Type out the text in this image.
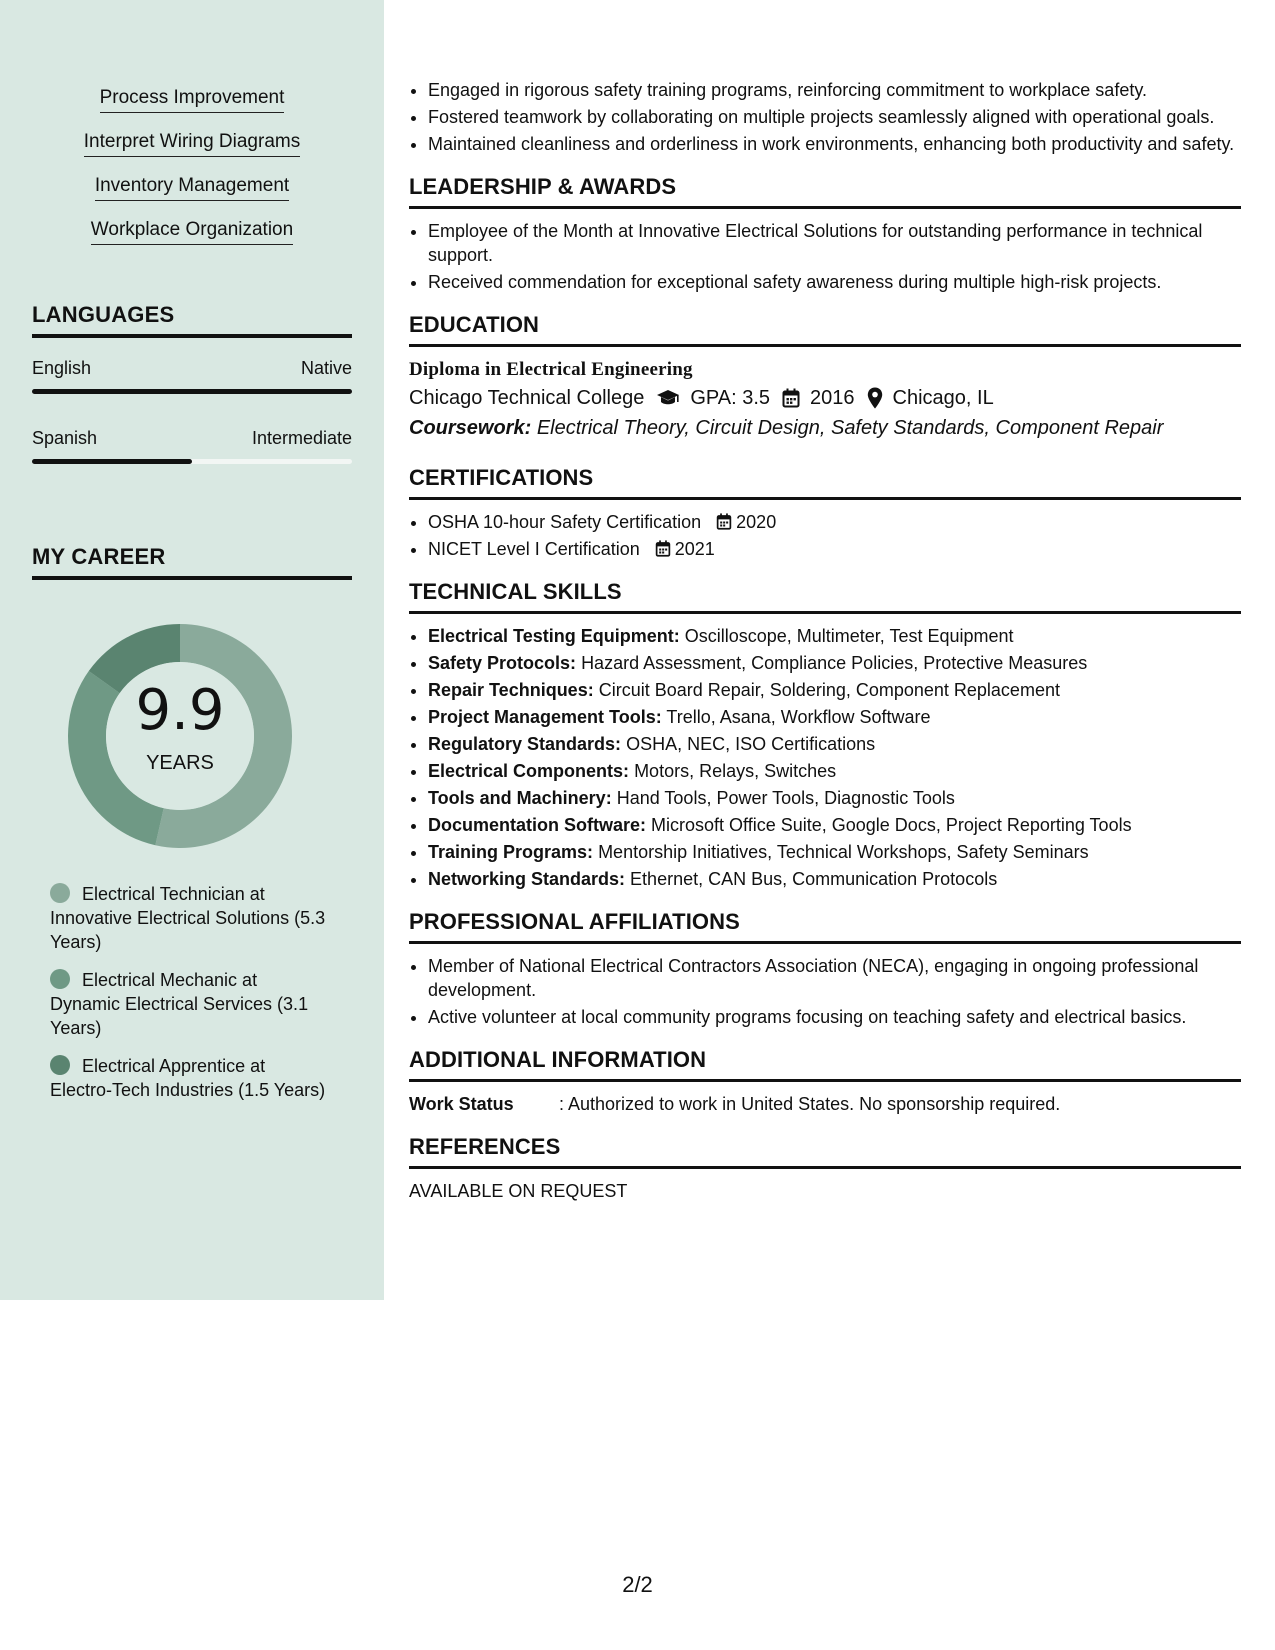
Process Improvement
Interpret Wiring Diagrams
Inventory Management
Workplace Organization
LANGUAGES
English	Native
Spanish	Intermediate
MY CAREER
9.9
YEARS
Electrical Technician at Innovative Electrical Solutions (5.3 Years)
Electrical Mechanic at Dynamic Electrical Services (3.1 Years)
Electrical Apprentice at Electro-Tech Industries (1.5 Years)
• Engaged in rigorous safety training programs, reinforcing commitment to workplace safety.
• Fostered teamwork by collaborating on multiple projects seamlessly aligned with operational goals.
• Maintained cleanliness and orderliness in work environments, enhancing both productivity and safety.
LEADERSHIP & AWARDS
• Employee of the Month at Innovative Electrical Solutions for outstanding performance in technical support.
• Received commendation for exceptional safety awareness during multiple high-risk projects.
EDUCATION
Diploma in Electrical Engineering
Chicago Technical College GPA: 3.5 2016 Chicago, IL
Coursework: Electrical Theory, Circuit Design, Safety Standards, Component Repair
CERTIFICATIONS
• OSHA 10-hour Safety Certification 2020
• NICET Level I Certification 2021
TECHNICAL SKILLS
• Electrical Testing Equipment: Oscilloscope, Multimeter, Test Equipment
• Safety Protocols: Hazard Assessment, Compliance Policies, Protective Measures
• Repair Techniques: Circuit Board Repair, Soldering, Component Replacement
• Project Management Tools: Trello, Asana, Workflow Software
• Regulatory Standards: OSHA, NEC, ISO Certifications
• Electrical Components: Motors, Relays, Switches
• Tools and Machinery: Hand Tools, Power Tools, Diagnostic Tools
• Documentation Software: Microsoft Office Suite, Google Docs, Project Reporting Tools
• Training Programs: Mentorship Initiatives, Technical Workshops, Safety Seminars
• Networking Standards: Ethernet, CAN Bus, Communication Protocols
PROFESSIONAL AFFILIATIONS
• Member of National Electrical Contractors Association (NECA), engaging in ongoing professional development.
• Active volunteer at local community programs focusing on teaching safety and electrical basics.
ADDITIONAL INFORMATION
Work Status	: Authorized to work in United States. No sponsorship required.
REFERENCES
AVAILABLE ON REQUEST
2/2
